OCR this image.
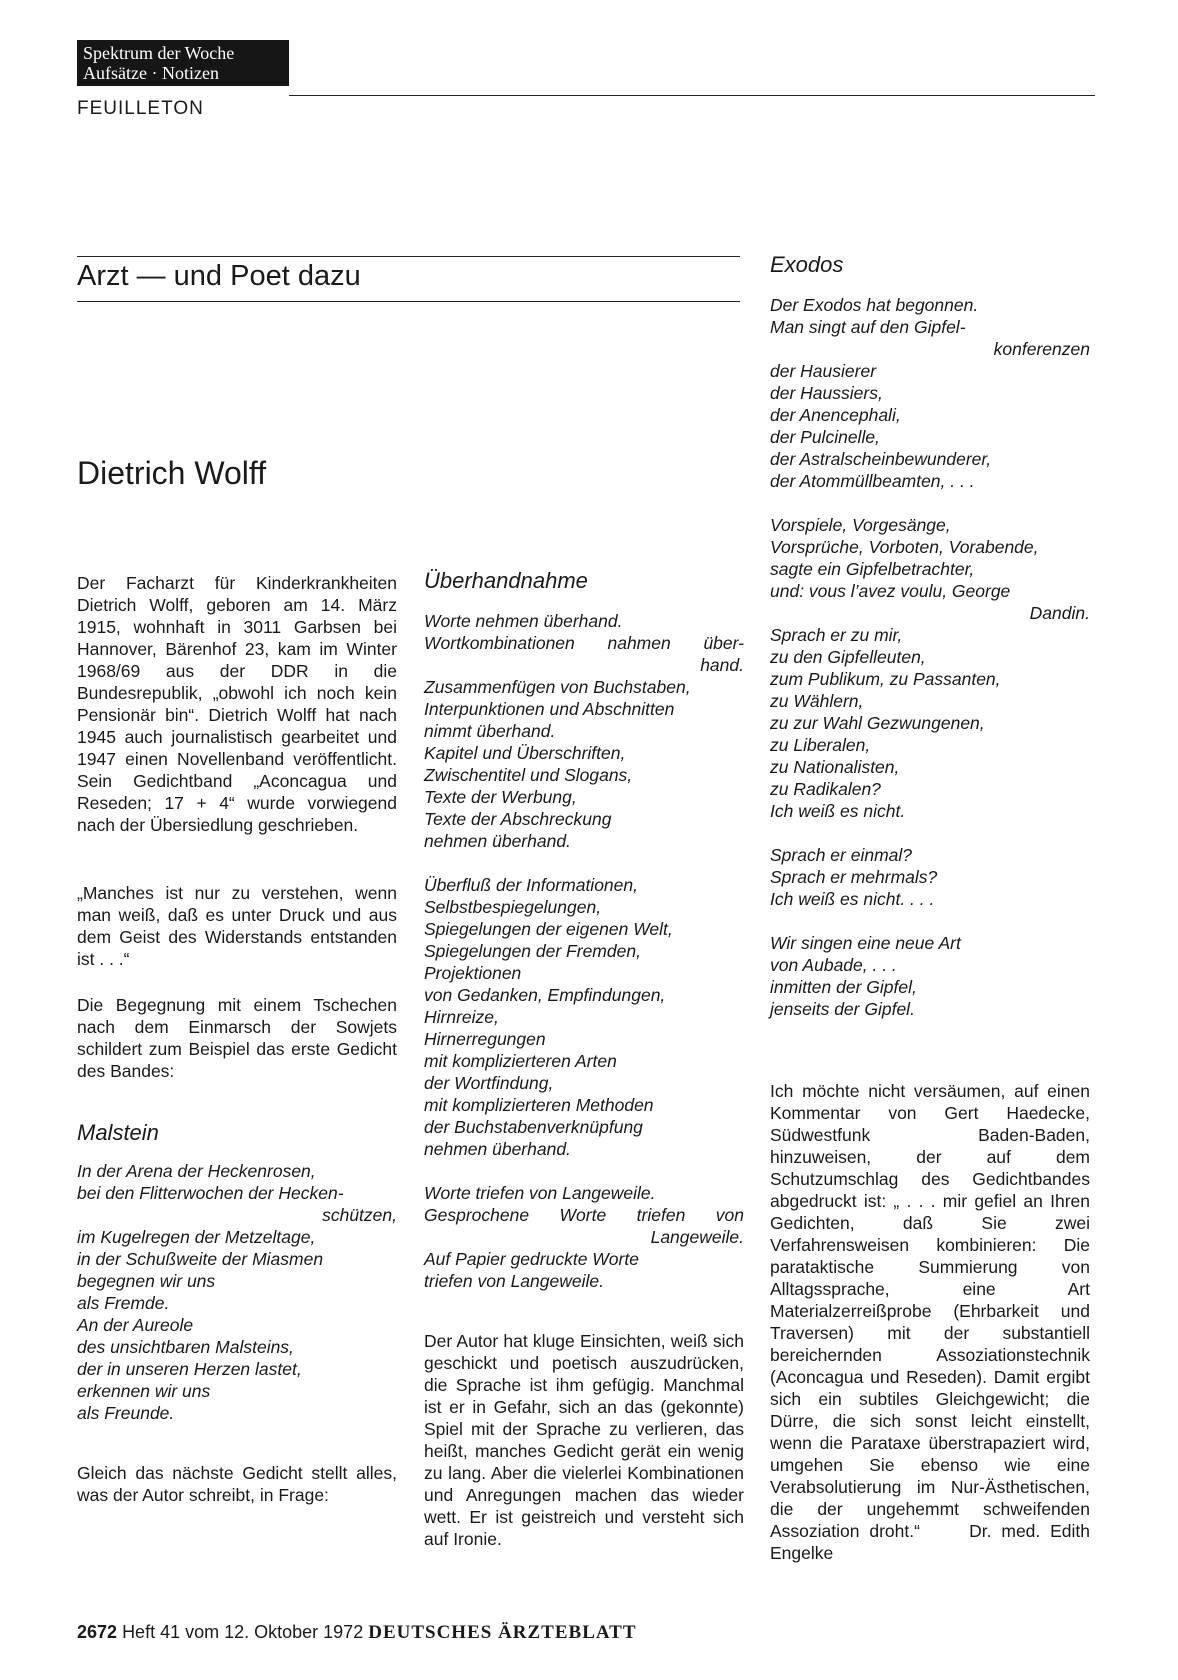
Spektrum der Woche
Aufsätze · Notizen
FEUILLETON
Arzt — und Poet dazu
Dietrich Wolff

Der Facharzt für Kinderkrankheiten Dietrich Wolff, geboren am 14. März 1915, wohnhaft in 3011 Garbsen bei Hannover, Bärenhof 23, kam im Winter 1968/69 aus der DDR in die Bundesrepublik, „obwohl ich noch kein Pensionär bin“. Dietrich Wolff hat nach 1945 auch journalistisch gearbeitet und 1947 einen Novellenband veröffentlicht. Sein Gedichtband „Aconcagua und Reseden; 17 + 4“ wurde vorwiegend nach der Übersiedlung geschrieben.

„Manches ist nur zu verstehen, wenn man weiß, daß es unter Druck und aus dem Geist des Widerstands entstanden ist . . .“

Die Begegnung mit einem Tschechen nach dem Einmarsch der Sowjets schildert zum Beispiel das erste Gedicht des Bandes:

Malstein

In der Arena der Heckenrosen,
bei den Flitterwochen der Hecken-
schützen,
im Kugelregen der Metzeltage,
in der Schußweite der Miasmen
begegnen wir uns
als Fremde.
An der Aureole
des unsichtbaren Malsteins,
der in unseren Herzen lastet,
erkennen wir uns
als Freunde.

Gleich das nächste Gedicht stellt alles, was der Autor schreibt, in Frage:

Überhandnahme

Worte nehmen überhand.
Wortkombinationen nahmen über-
hand.
Zusammenfügen von Buchstaben,
Interpunktionen und Abschnitten
nimmt überhand.
Kapitel und Überschriften,
Zwischentitel und Slogans,
Texte der Werbung,
Texte der Abschreckung
nehmen überhand.
Überfluß der Informationen,
Selbstbespiegelungen,
Spiegelungen der eigenen Welt,
Spiegelungen der Fremden,
Projektionen
von Gedanken, Empfindungen,
Hirnreize,
Hirnerregungen
mit komplizierteren Arten
der Wortfindung,
mit komplizierteren Methoden
der Buchstabenverknüpfung
nehmen überhand.
Worte triefen von Langeweile.
Gesprochene Worte triefen von
Langeweile.
Auf Papier gedruckte Worte
triefen von Langeweile.

Der Autor hat kluge Einsichten, weiß sich geschickt und poetisch auszudrücken, die Sprache ist ihm gefügig. Manchmal ist er in Gefahr, sich an das (gekonnte) Spiel mit der Sprache zu verlieren, das heißt, manches Gedicht gerät ein wenig zu lang. Aber die vielerlei Kombinationen und Anregungen machen das wieder wett. Er ist geistreich und versteht sich auf Ironie.

Exodos

Der Exodos hat begonnen.
Man singt auf den Gipfel-
konferenzen
der Hausierer
der Haussiers,
der Anencephali,
der Pulcinelle,
der Astralscheinbewunderer,
der Atommüllbeamten, . . .
Vorspiele, Vorgesänge,
Vorsprüche, Vorboten, Vorabende,
sagte ein Gipfelbetrachter,
und: vous l’avez voulu, George
Dandin.
Sprach er zu mir,
zu den Gipfelleuten,
zum Publikum, zu Passanten,
zu Wählern,
zu zur Wahl Gezwungenen,
zu Liberalen,
zu Nationalisten,
zu Radikalen?
Ich weiß es nicht.
Sprach er einmal?
Sprach er mehrmals?
Ich weiß es nicht. . . .
Wir singen eine neue Art
von Aubade, . . .
inmitten der Gipfel,
jenseits der Gipfel.

Ich möchte nicht versäumen, auf einen Kommentar von Gert Haedecke, Südwestfunk Baden-Baden, hinzuweisen, der auf dem Schutzumschlag des Gedichtbandes abgedruckt ist: „ . . . mir gefiel an Ihren Gedichten, daß Sie zwei Verfahrensweisen kombinieren: Die parataktische Summierung von Alltagssprache, eine Art Materialzerreißprobe (Ehrbarkeit und Traversen) mit der substantiell bereichernden Assoziationstechnik (Aconcagua und Reseden). Damit ergibt sich ein subtiles Gleichgewicht; die Dürre, die sich sonst leicht einstellt, wenn die Parataxe überstrapaziert wird, umgehen Sie ebenso wie eine Verabsolutierung im Nur-Ästhetischen, die der ungehemmt schweifenden Assoziation droht.“	Dr. med. Edith Engelke

2672 Heft 41 vom 12. Oktober 1972 DEUTSCHES ÄRZTEBLATT
